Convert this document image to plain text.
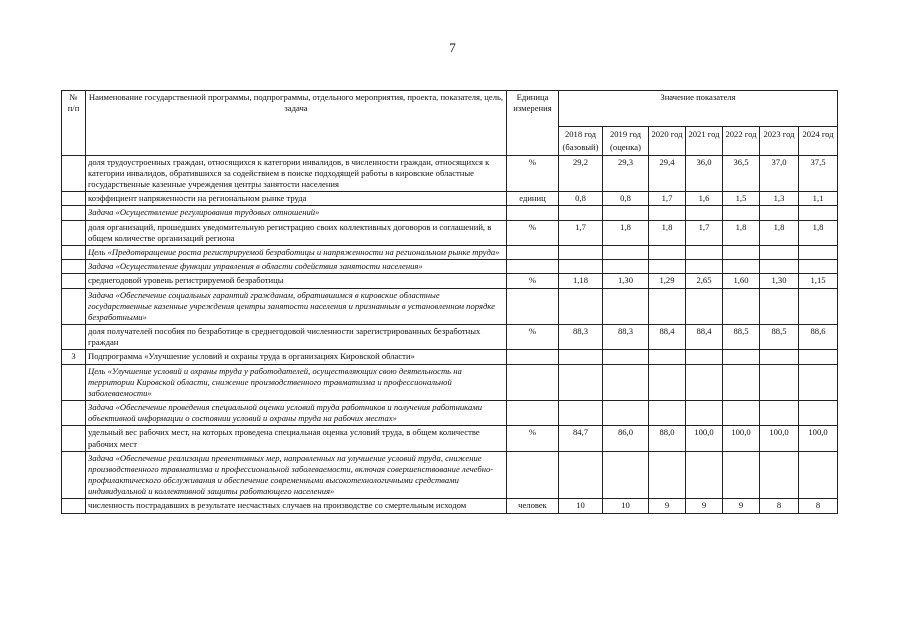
7
№
п/п	Наименование государственной программы, подпрограммы, отдельного мероприятия, проекта, показателя, цель, задача	Единица измерения	Значение показателя						
			2018 год (базовый)	2019 год (оценка)	2020 год	2021 год	2022 год	2023 год	2024 год
	доля трудоустроенных граждан, относящихся к категории инвалидов, в численности граждан, относящихся к категории инвалидов, обратившихся за содействием в поиске подходящей работы в кировские областные государственные казенные учреждения центры занятости населения	%	29,2	29,3	29,4	36,0	36,5	37,0	37,5
	коэффициент напряженности на региональном рынке труда	единиц	0,8	0,8	1,7	1,6	1,5	1,3	1,1
	Задача «Осуществление регулирования трудовых отношений»								
	доля организаций, прошедших уведомительную регистрацию своих коллективных договоров и соглашений, в общем количестве организаций регионa	%	1,7	1,8	1,8	1,7	1,8	1,8	1,8
	Цель «Предотвращение роста регистрируемой безработицы и напряженности на региональном рынке труда»								
	Задача «Осуществление функции управления в области содействия занятости населения»								
	среднегодовой уровень регистрируемой безработицы	%	1,18	1,30	1,29	2,65	1,60	1,30	1,15
	Задача «Обеспечение социальных гарантий гражданам, обратившимся в кировские областные государственные казенные учреждения центры занятости населения и признанным в установленном порядке безработными»								
	доля получателей пособия по безработице в среднегодовой численности зарегистрированных безработных граждан	%	88,3	88,3	88,4	88,4	88,5	88,5	88,6
3	Подпрограмма «Улучшение условий и охраны труда в организациях Кировской области»								
	Цель «Улучшение условий и охраны труда у работодателей, осуществляющих свою деятельность на территории Кировской области, снижение производственного травматизма и профессиональной заболеваемости»								
	Задача «Обеспечение проведения специальной оценки условий труда работников и получения работниками объективной информации о состоянии условий и охраны труда на рабочих местах»								
	удельный вес рабочих мест, на которых проведена специальная оценка условий труда, в общем количестве рабочих мест	%	84,7	86,0	88,0	100,0	100,0	100,0	100,0
	Задача «Обеспечение реализации превентивных мер, направленных на улучшение условий труда, снижение производственного травматизма и профессиональной заболеваемости, включая совершенствование лечебно-профилактического обслуживания и обеспечение современными высокотехнологичными средствами индивидуальной и коллективной защиты работающего населения»								
	численность пострадавших в результате несчастных случаев на производстве со смертельным исходом	человек	10	10	9	9	9	8	8
